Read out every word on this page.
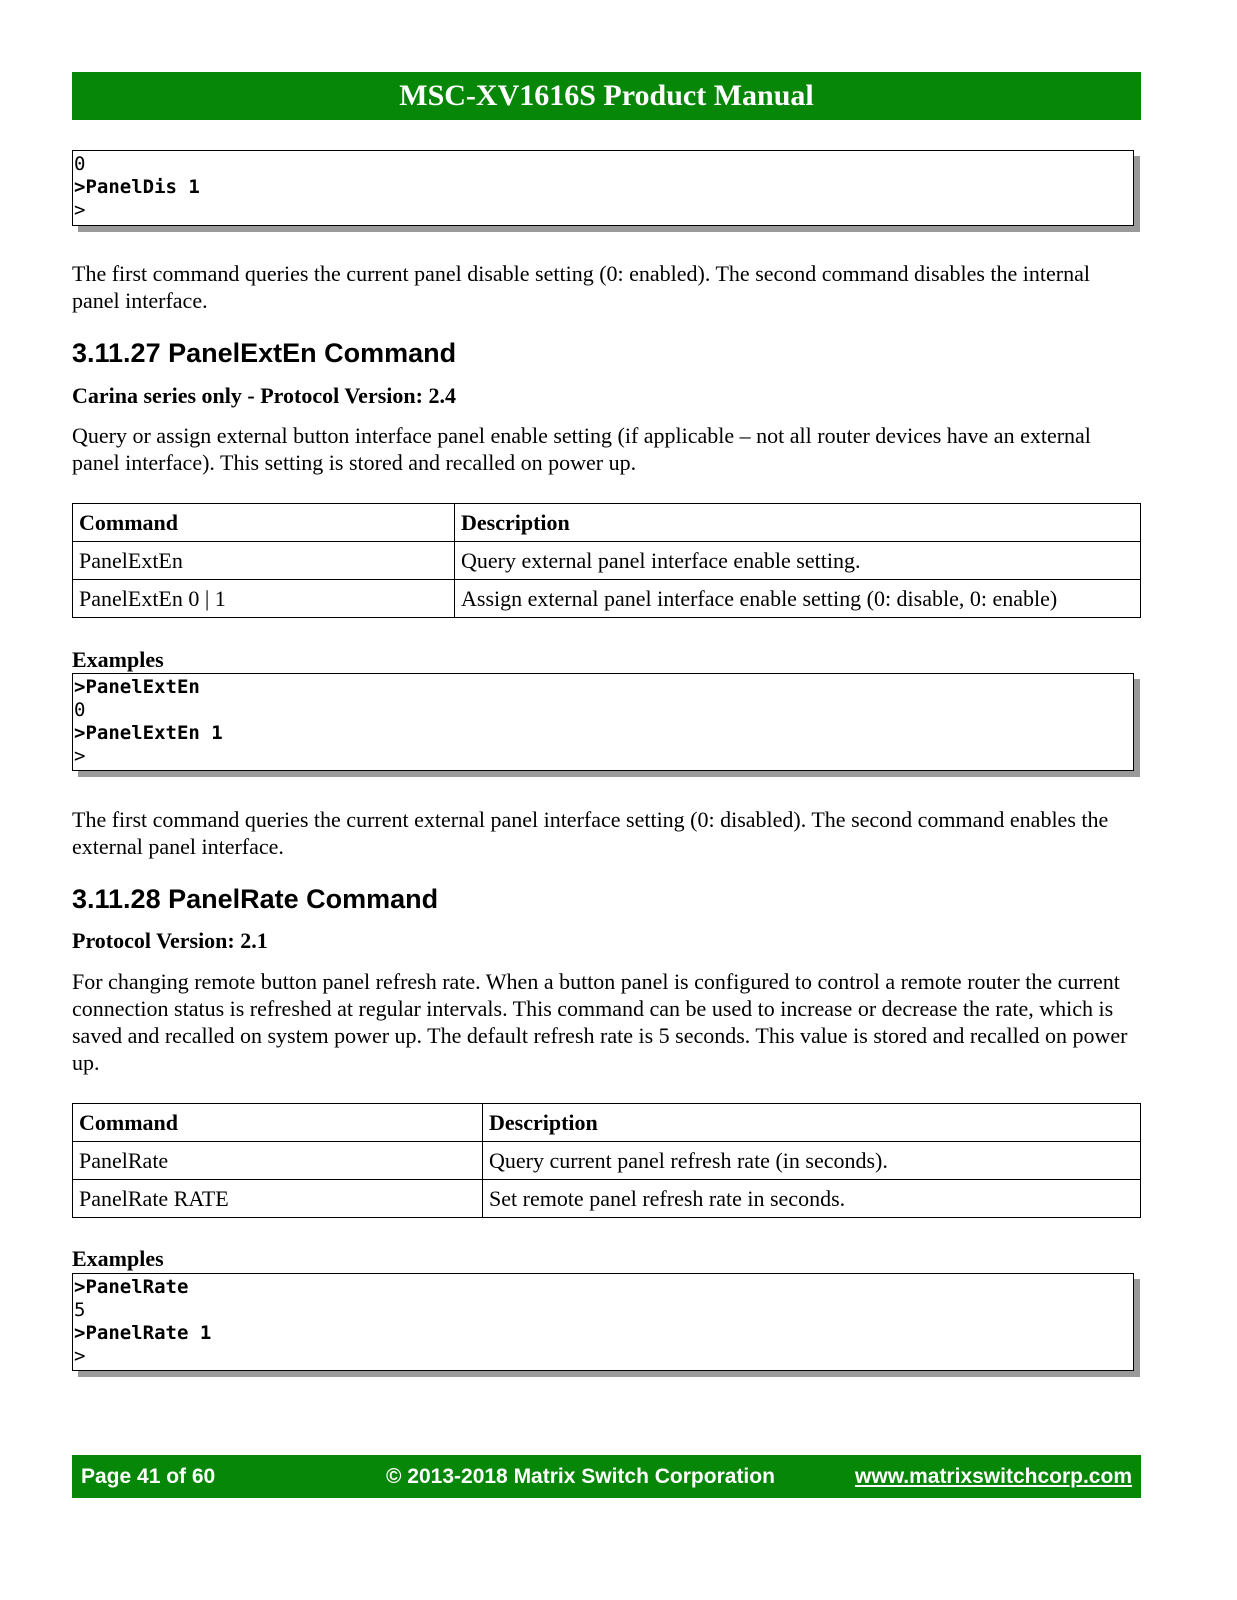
MSC-XV1616S Product Manual
0
>PanelDis 1
>

The first command queries the current panel disable setting (0: enabled). The second command disables the internal panel interface.

3.11.27 PanelExtEn Command
Carina series only - Protocol Version: 2.4

Query or assign external button interface panel enable setting (if applicable – not all router devices have an external panel interface). This setting is stored and recalled on power up.

Command	Description
PanelExtEn	Query external panel interface enable setting.
PanelExtEn 0 | 1	Assign external panel interface enable setting (0: disable, 0: enable)
Examples
>PanelExtEn
0
>PanelExtEn 1
>

The first command queries the current external panel interface setting (0: disabled). The second command enables the external panel interface.

3.11.28 PanelRate Command
Protocol Version: 2.1

For changing remote button panel refresh rate. When a button panel is configured to control a remote router the current connection status is refreshed at regular intervals. This command can be used to increase or decrease the rate, which is saved and recalled on system power up. The default refresh rate is 5 seconds. This value is stored and recalled on power up.

Command	Description
PanelRate	Query current panel refresh rate (in seconds).
PanelRate RATE	Set remote panel refresh rate in seconds.
Examples
>PanelRate
5
>PanelRate 1
>
Page 41 of 60	© 2013-2018 Matrix Switch Corporation	www.matrixswitchcorp.com
